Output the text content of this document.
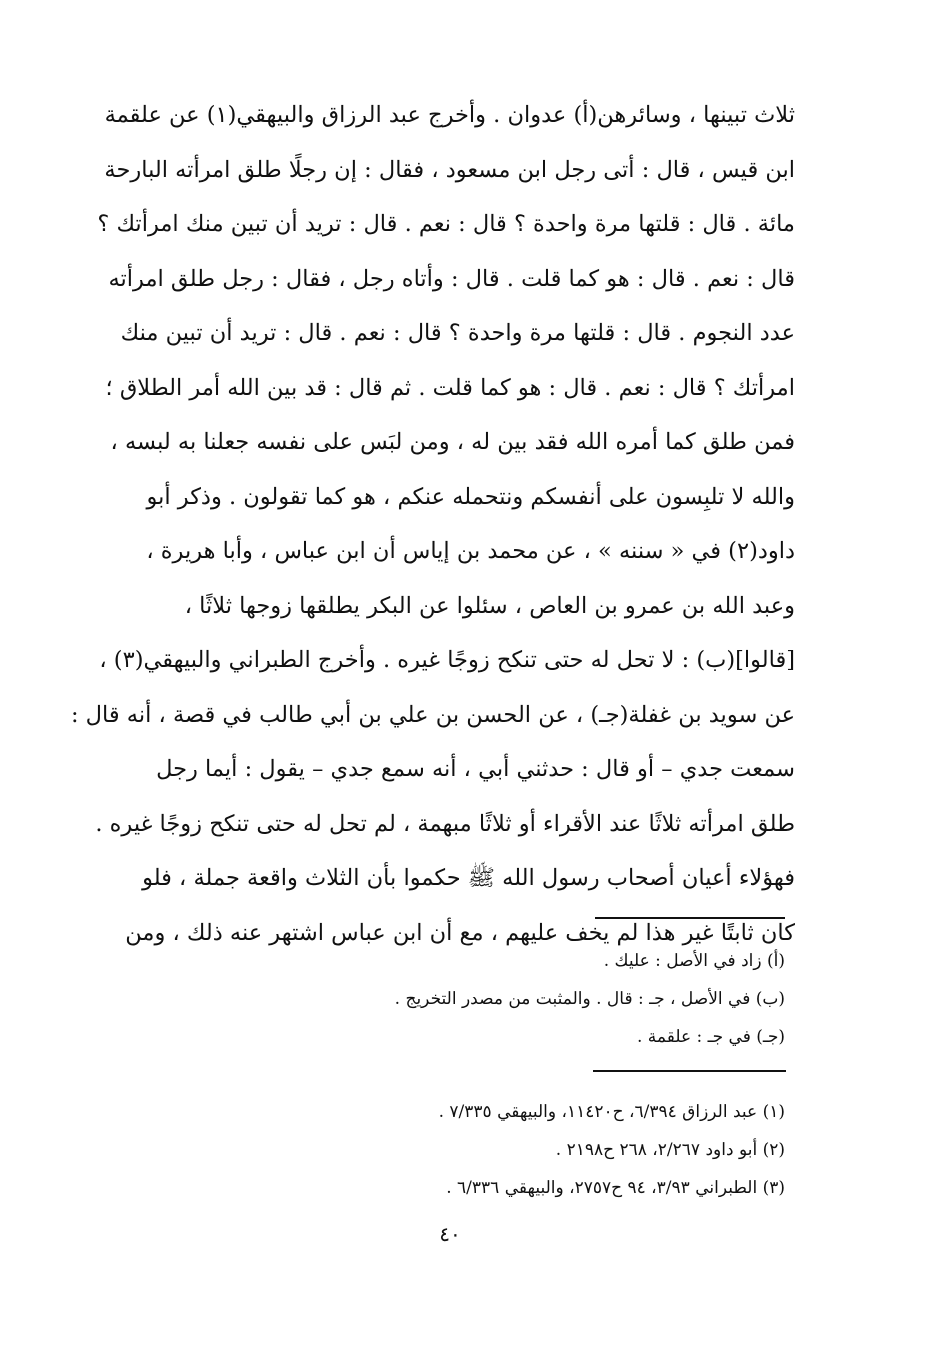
ثلاث تبينها ، وسائرهن(أ) عدوان . وأخرج عبد الرزاق والبيهقي(١) عن علقمة
ابن قيس ، قال : أتى رجل ابن مسعود ، فقال : إن رجلًا طلق امرأته البارحة
مائة . قال : قلتها مرة واحدة ؟ قال : نعم . قال : تريد أن تبين منك امرأتك ؟
قال : نعم . قال : هو كما قلت . قال : وأتاه رجل ، فقال : رجل طلق امرأته
عدد النجوم . قال : قلتها مرة واحدة ؟ قال : نعم . قال : تريد أن تبين منك
امرأتك ؟ قال : نعم . قال : هو كما قلت . ثم قال : قد بين الله أمر الطلاق ؛
فمن طلق كما أمره الله فقد بين له ، ومن لبَس على نفسه جعلنا به لبسه ،
والله لا تلبِسون على أنفسكم ونتحمله عنكم ، هو كما تقولون . وذكر أبو
داود(٢) في « سننه » ، عن محمد بن إياس أن ابن عباس ، وأبا هريرة ،
وعبد الله بن عمرو بن العاص ، سئلوا عن البكر يطلقها زوجها ثلاثًا ،
[قالوا](ب) : لا تحل له حتى تنكح زوجًا غيره . وأخرج الطبراني والبيهقي(٣) ،
عن سويد بن غفلة(جـ) ، عن الحسن بن علي بن أبي طالب في قصة ، أنه قال :
سمعت جدي – أو قال : حدثني أبي ، أنه سمع جدي – يقول : أيما رجل
طلق امرأته ثلاثًا عند الأقراء أو ثلاثًا مبهمة ، لم تحل له حتى تنكح زوجًا غيره .
فهؤلاء أعيان أصحاب رسول الله ﷺ حكموا بأن الثلاث واقعة جملة ، فلو
كان ثابتًا غير هذا لم يخف عليهم ، مع أن ابن عباس اشتهر عنه ذلك ، ومن
(أ) زاد في الأصل : عليك .
(ب) في الأصل ، جـ : قال . والمثبت من مصدر التخريج .
(جـ) في جـ : علقمة .
(١) عبد الرزاق ٦/٣٩٤، ح١١٤٢٠، والبيهقي ٧/٣٣٥ .
(٢) أبو داود ٢/٢٦٧، ٢٦٨ ح٢١٩٨ .
(٣) الطبراني ٣/٩٣، ٩٤ ح٢٧٥٧، والبيهقي ٦/٣٣٦ .
٤٠
